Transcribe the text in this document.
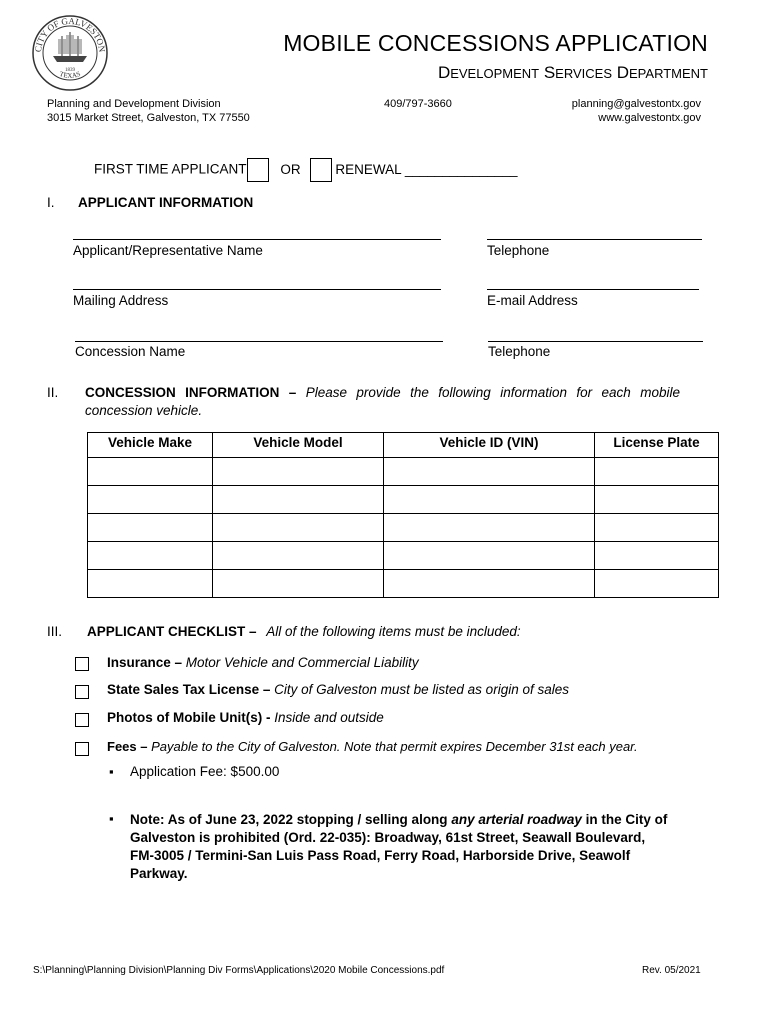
CITY OF GALVESTON
TEXAS
1839
MOBILE CONCESSIONS APPLICATION
DEVELOPMENT SERVICES DEPARTMENT
Planning and Development Division
3015 Market Street, Galveston, TX 77550
409/797-3660	planning@galvestontx.gov
www.galvestontx.gov
FIRST TIME APPLICANT	OR	RENEWAL _______________
I. APPLICANT INFORMATION
Applicant/Representative Name	Telephone
Mailing Address	E-mail Address
Concession Name	Telephone
II. CONCESSION INFORMATION – Please provide the following information for each mobile
concession vehicle.
Vehicle Make	Vehicle Model	Vehicle ID (VIN)	License Plate

III. APPLICANT CHECKLIST – All of the following items must be included:
Insurance – Motor Vehicle and Commercial Liability
State Sales Tax License – City of Galveston must be listed as origin of sales
Photos of Mobile Unit(s) - Inside and outside
Fees – Payable to the City of Galveston. Note that permit expires December 31st each year.
▪ Application Fee: $500.00
▪ Note: As of June 23, 2022 stopping / selling along any arterial roadway in the City of Galveston is prohibited (Ord. 22-035): Broadway, 61st Street, Seawall Boulevard, FM-3005 / Termini-San Luis Pass Road, Ferry Road, Harborside Drive, Seawolf Parkway.
S:\Planning\Planning Division\Planning Div Forms\Applications\2020 Mobile Concessions.pdf	Rev. 05/2021
